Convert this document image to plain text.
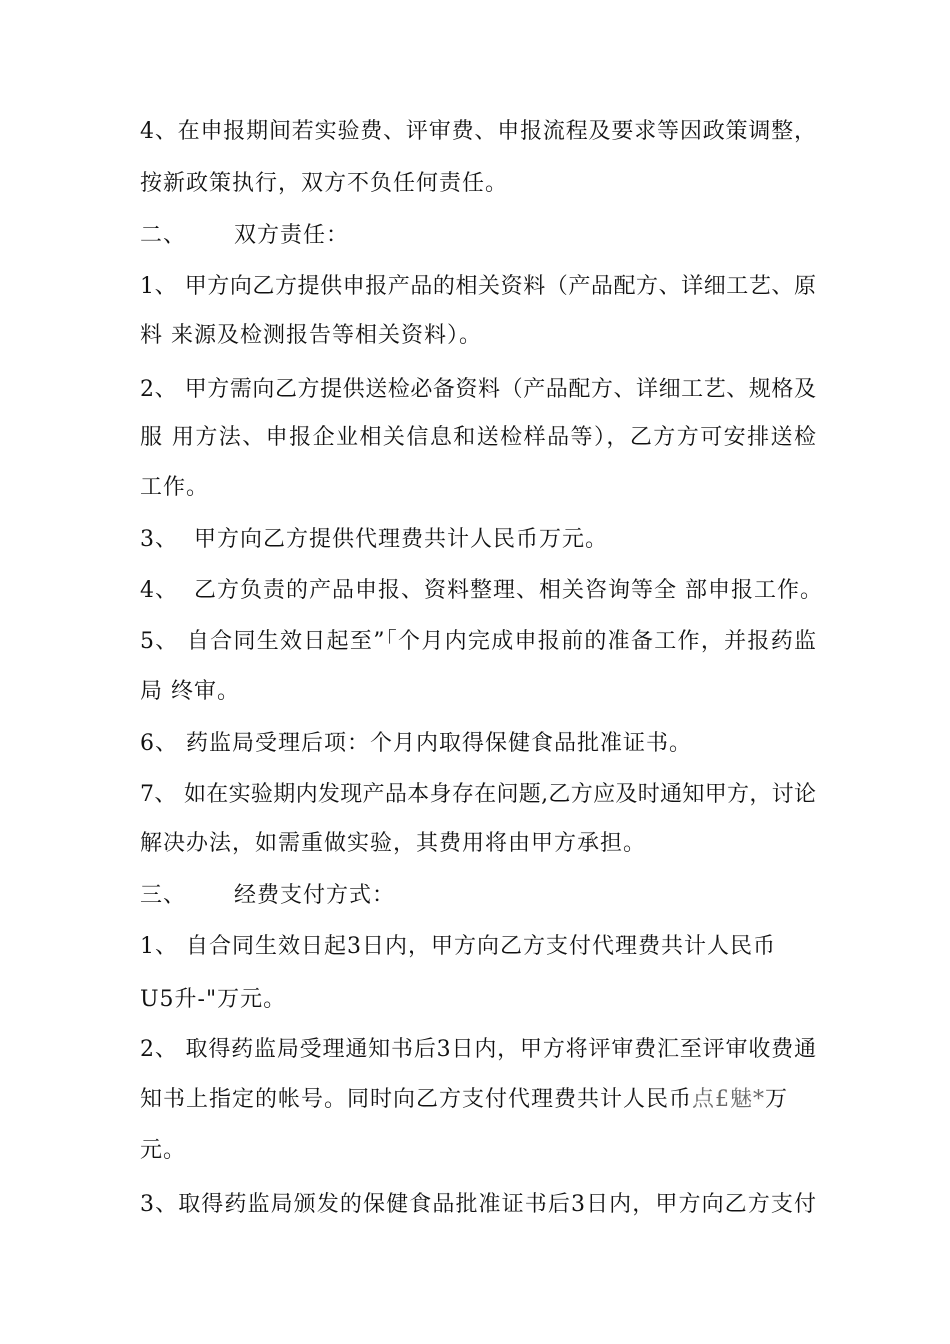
4、在申报期间若实验费、评审费、申报流程及要求等因政策调整，
按新政策执行，双方不负任何责任。
二、      双方责任：
1、 甲方向乙方提供申报产品的相关资料（产品配方、详细工艺、原
料 来源及检测报告等相关资料）。
2、 甲方需向乙方提供送检必备资料（产品配方、详细工艺、规格及
服 用方法、申报企业相关信息和送检样品等），乙方方可安排送检
工作。
3、  甲方向乙方提供代理费共计人民币万元。
4、  乙方负责的产品申报、资料整理、相关咨询等全 部申报工作。
5、 自合同生效日起至”「个月内完成申报前的准备工作，并报药监
局 终审。
6、 药监局受理后项：个月内取得保健食品批准证书。
7、 如在实验期内发现产品本身存在问题,乙方应及时通知甲方，讨论
解决办法，如需重做实验，其费用将由甲方承担。
三、      经费支付方式：
1、 自合同生效日起3日内，甲方向乙方支付代理费共计人民币
U5升-"万元。
2、 取得药监局受理通知书后3日内，甲方将评审费汇至评审收费通
知书上指定的帐号。同时向乙方支付代理费共计人民币点£魅*万
元。
3、取得药监局颁发的保健食品批准证书后3日内，甲方向乙方支付
